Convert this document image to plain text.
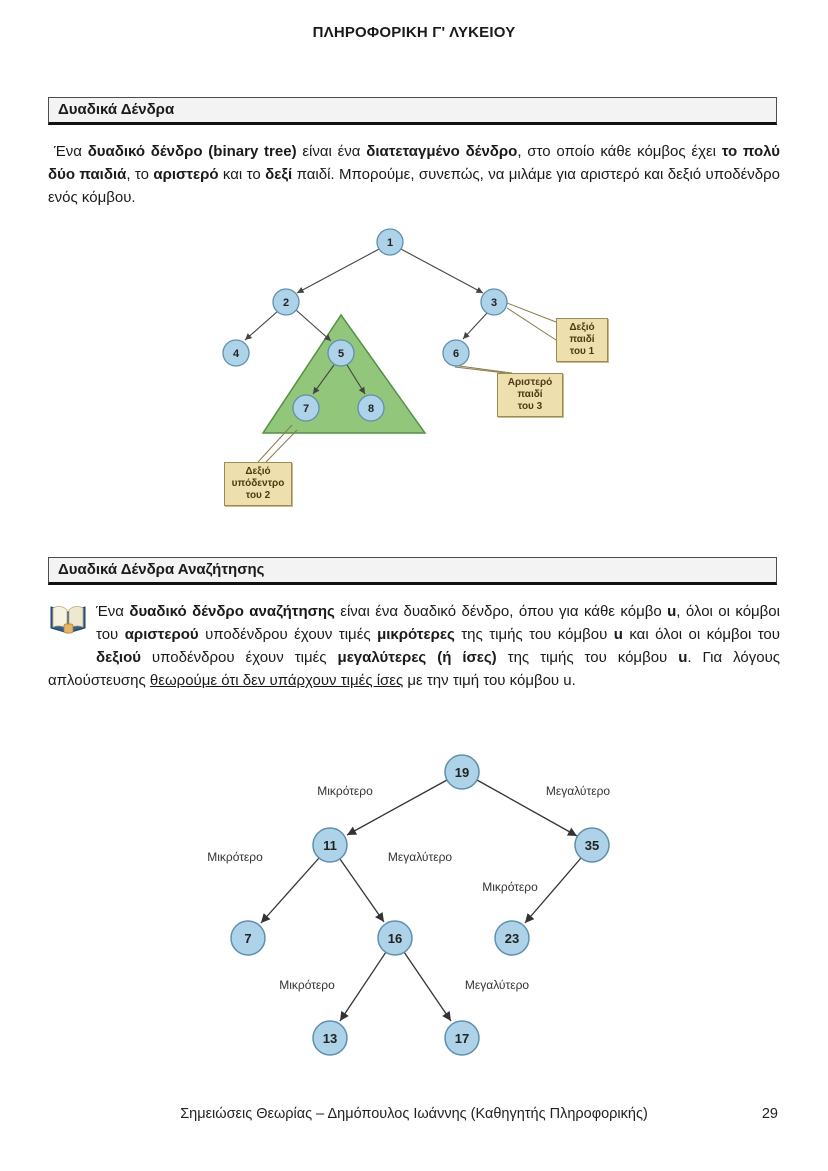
ΠΛΗΡΟΦΟΡΙΚΗ Γ' ΛΥΚΕΙΟΥ
Δυαδικά Δένδρα
Ένα δυαδικό δένδρο (binary tree) είναι ένα διατεταγμένο δένδρο, στο οποίο κάθε κόμβος έχει το πολύ δύο παιδιά, το αριστερό και το δεξί παιδί. Μπορούμε, συνεπώς, να μιλάμε για αριστερό και δεξιό υποδένδρο ενός κόμβου.
1
2	3
4	5	6
7	8
Δεξιό
παιδί
του 1
Αριστερό
παιδί
του 3
Δεξιό
υπόδεντρο
του 2
Δυαδικά Δένδρα Αναζήτησης
Ένα δυαδικό δένδρο αναζήτησης είναι ένα δυαδικό δένδρο, όπου για κάθε κόμβο u, όλοι οι κόμβοι του αριστερού υποδένδρου έχουν τιμές μικρότερες της τιμής του κόμβου u και όλοι οι κόμβοι του δεξιού υποδένδρου έχουν τιμές μεγαλύτερες (ή ίσες) της τιμής του κόμβου u. Για λόγους απλούστευσης θεωρούμε ότι δεν υπάρχουν τιμές ίσες με την τιμή του κόμβου u.
Μικρότερο	Μεγαλύτερο
Μικρότερο	Μεγαλύτερο
Μικρότερο
Μικρότερο	Μεγαλύτερο
19
11	35
7	16	23
13	17
Σημειώσεις Θεωρίας – Δημόπουλος Ιωάννης (Καθηγητής Πληροφορικής)	29
